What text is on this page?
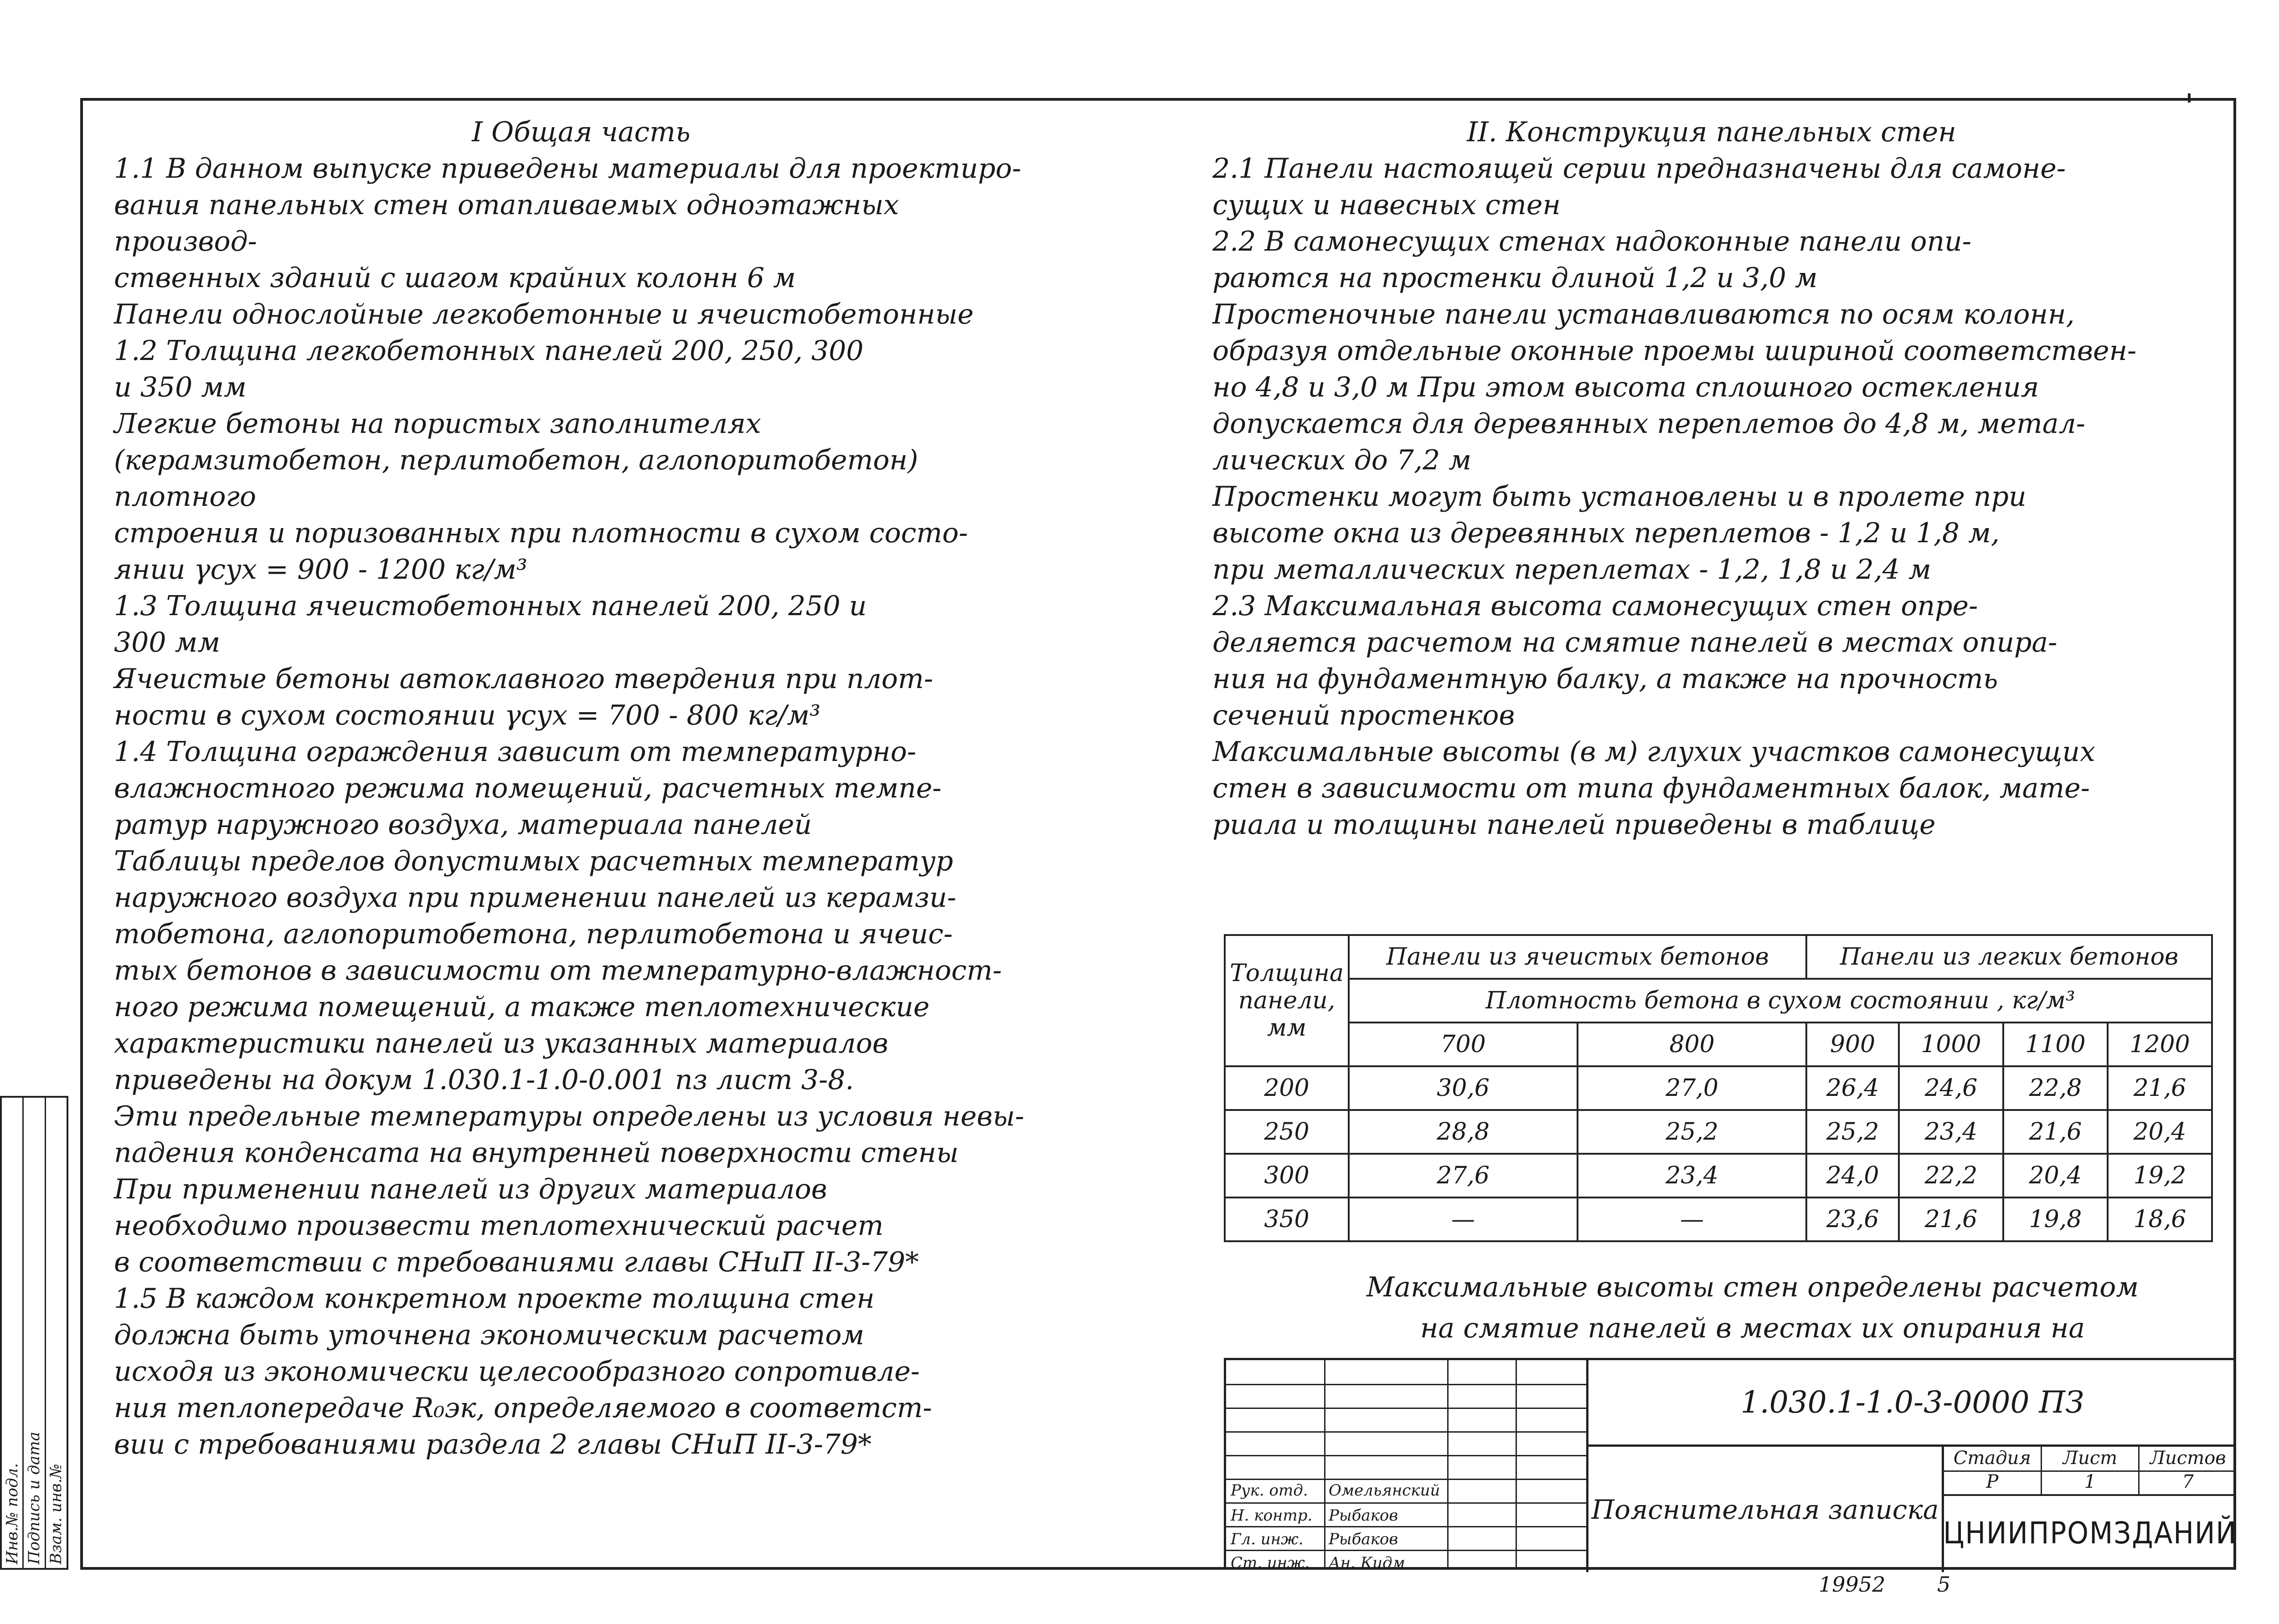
Инв.№ подл. Подпись и дата Взам. инв.№

I Общая часть

1.1 В данном выпуске приведены материалы для проектиро-

вания панельных стен отапливаемых одноэтажных производ-

ственных зданий с шагом крайних колонн 6 м

Панели однослойные легкобетонные и ячеистобетонные

1.2 Толщина легкобетонных панелей 200, 250, 300

и 350 мм

Легкие бетоны на пористых заполнителях

(керамзитобетон, перлитобетон, аглопоритобетон) плотного

строения и поризованных при плотности в сухом состо-

янии γсух = 900 - 1200 кг/м³

1.3 Толщина ячеистобетонных панелей 200, 250 и

300 мм

Ячеистые бетоны автоклавного твердения при плот-

ности в сухом состоянии γсух = 700 - 800 кг/м³

1.4 Толщина ограждения зависит от температурно-

влажностного режима помещений, расчетных темпе-

ратур наружного воздуха, материала панелей

Таблицы пределов допустимых расчетных температур

наружного воздуха при применении панелей из керамзи-

тобетона, аглопоритобетона, перлитобетона и ячеис-

тых бетонов в зависимости от температурно-влажност-

ного режима помещений, а также теплотехнические

характеристики панелей из указанных материалов

приведены на докум 1.030.1-1.0-0.001 пз лист 3-8.

Эти предельные температуры определены из условия невы-

падения конденсата на внутренней поверхности стены

При применении панелей из других материалов

необходимо произвести теплотехнический расчет

в соответствии с требованиями главы СНиП II-3-79*

1.5 В каждом конкретном проекте толщина стен

должна быть уточнена экономическим расчетом

исходя из экономически целесообразного сопротивле-

ния теплопередаче R₀эк, определяемого в соответст-

вии с требованиями раздела 2 главы СНиП II-3-79*

II. Конструкция панельных стен

2.1 Панели настоящей серии предназначены для самоне-

сущих и навесных стен

2.2 В самонесущих стенах надоконные панели опи-

раются на простенки длиной 1,2 и 3,0 м

Простеночные панели устанавливаются по осям колонн,

образуя отдельные оконные проемы шириной соответствен-

но 4,8 и 3,0 м При этом высота сплошного остекления

допускается для деревянных переплетов до 4,8 м, метал-

лических до 7,2 м

Простенки могут быть установлены и в пролете при

высоте окна из деревянных переплетов - 1,2 и 1,8 м,

при металлических переплетах - 1,2, 1,8 и 2,4 м

2.3 Максимальная высота самонесущих стен опре-

деляется расчетом на смятие панелей в местах опира-

ния на фундаментную балку, а также на прочность

сечений простенков

Максимальные высоты (в м) глухих участков самонесущих

стен в зависимости от типа фундаментных балок, мате-

риала и толщины панелей приведены в таблице

Толщина панели, мм	Панели из ячеистых бетонов		Панели из легких бетонов			
	Плотность бетона в сухом состоянии , кг/м³					
	700	800	900	1000	1100	1200
200	30,6	27,0	26,4	24,6	22,8	21,6
250	28,8	25,2	25,2	23,4	21,6	20,4
300	27,6	23,4	24,0	22,2	20,4	19,2
350	—	—	23,6	21,6	19,8	18,6
Максимальные высоты стен определены расчетом
на смятие панелей в местах их опирания на
Рук. отд. Омельянский
Н. контр. Рыбаков
Гл. инж. Рыбаков
Ст. инж. Ан. Кидм
1.030.1-1.0-3-0000 ПЗ
Пояснительная записка
Стадия	Лист	Листов
Р	1	7
ЦНИИПРОМЗДАНИЙ
19952 5
